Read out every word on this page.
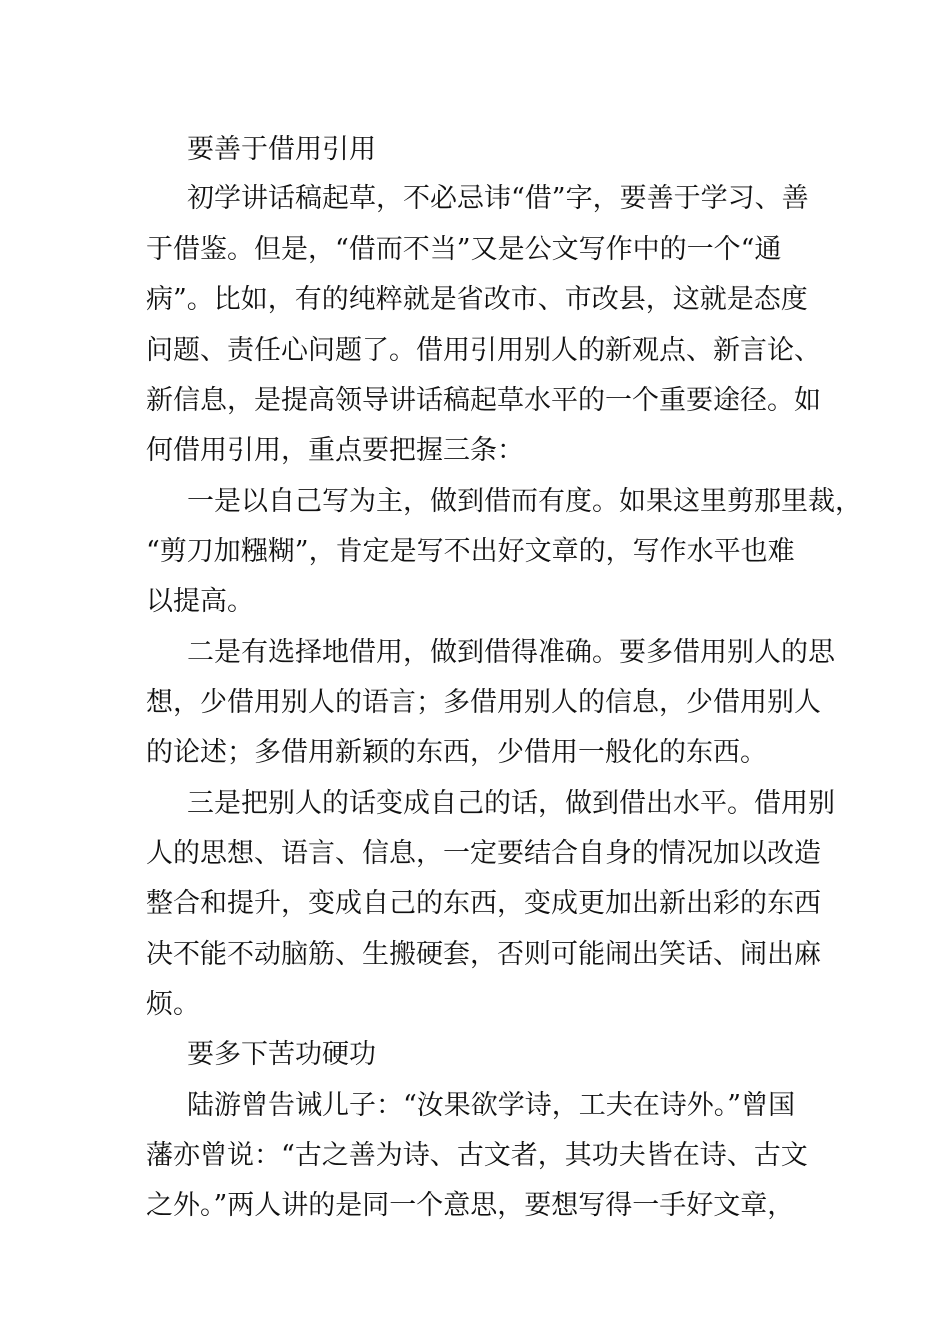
要善于借用引用
初学讲话稿起草，不必忌讳“借”字，要善于学习、善
于借鉴。但是，“借而不当”又是公文写作中的一个“通
病”。比如，有的纯粹就是省改市、市改县，这就是态度
问题、责任心问题了。借用引用别人的新观点、新言论、
新信息，是提高领导讲话稿起草水平的一个重要途径。如
何借用引用，重点要把握三条：
一是以自己写为主，做到借而有度。如果这里剪那里裁，
“剪刀加糨糊”，肯定是写不出好文章的，写作水平也难
以提高。
二是有选择地借用，做到借得准确。要多借用别人的思
想，少借用别人的语言；多借用别人的信息，少借用别人
的论述；多借用新颖的东西，少借用一般化的东西。
三是把别人的话变成自己的话，做到借出水平。借用别
人的思想、语言、信息，一定要结合自身的情况加以改造
整合和提升，变成自己的东西，变成更加出新出彩的东西
决不能不动脑筋、生搬硬套，否则可能闹出笑话、闹出麻
烦。
要多下苦功硬功
陆游曾告诫儿子：“汝果欲学诗，工夫在诗外。”曾国
藩亦曾说：“古之善为诗、古文者，其功夫皆在诗、古文
之外。”两人讲的是同一个意思，要想写得一手好文章，
